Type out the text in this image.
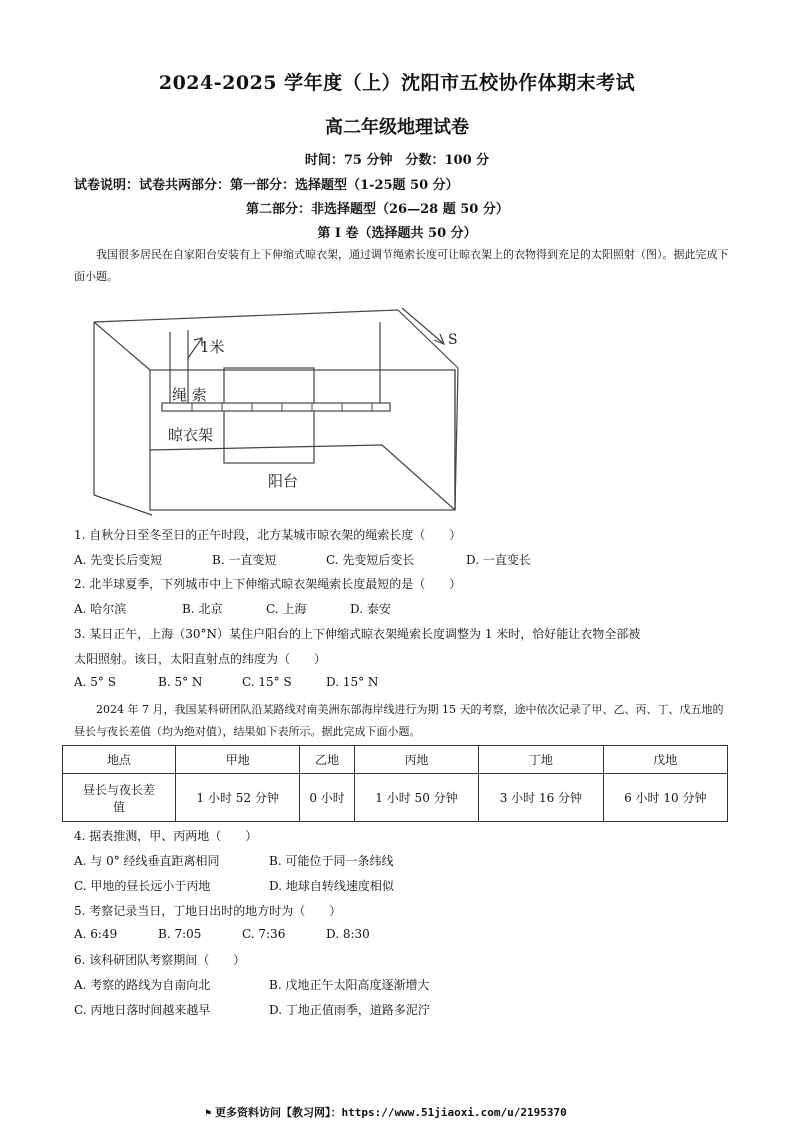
2024-2025 学年度（上）沈阳市五校协作体期末考试
高二年级地理试卷
时间：75 分钟　分数：100 分
试卷说明：试卷共两部分：第一部分：选择题型（1-25题 50 分）
第二部分：非选择题型（26—28 题 50 分）
第 I 卷（选择题共 50 分）
我国很多居民在自家阳台安装有上下伸缩式晾衣架，通过调节绳索长度可让晾衣架上的衣物得到充足的太阳照射（图）。据此完成下面小题。
1米
绳 索
晾衣架
阳台
S
1. 自秋分日至冬至日的正午时段，北方某城市晾衣架的绳索长度（　　）
A. 先变长后变短	B. 一直变短	C. 先变短后变长	D. 一直变长
2. 北半球夏季，下列城市中上下伸缩式晾衣架绳索长度最短的是（　　）
A. 哈尔滨	B. 北京	C. 上海	D. 泰安
3. 某日正午，上海（30°N）某住户阳台的上下伸缩式晾衣架绳索长度调整为 1 米时，恰好能让衣物全部被
太阳照射。该日，太阳直射点的纬度为（　　）
A. 5° S	B. 5° N	C. 15° S	D. 15° N
2024 年 7 月，我国某科研团队沿某路线对南美洲东部海岸线进行为期 15 天的考察，途中依次记录了甲、乙、丙、丁、戊五地的昼长与夜长差值（均为绝对值），结果如下表所示。据此完成下面小题。
地点	甲地	乙地	丙地	丁地	戊地

昼长与夜长差
值	1 小时 52 分钟	0 小时	1 小时 50 分钟	3 小时 16 分钟	6 小时 10 分钟
4. 据表推测，甲、丙两地（　　）
A. 与 0° 经线垂直距离相同	B. 可能位于同一条纬线
C. 甲地的昼长远小于丙地	D. 地球自转线速度相似
5. 考察记录当日，丁地日出时的地方时为（　　）
A. 6:49	B. 7:05	C. 7:36	D. 8:30
6. 该科研团队考察期间（　　）
A. 考察的路线为自南向北	B. 戊地正午太阳高度逐渐增大
C. 丙地日落时间越来越早	D. 丁地正值雨季，道路多泥泞
⚑ 更多资料访问【教习网】：https://www.51jiaoxi.com/u/2195370
